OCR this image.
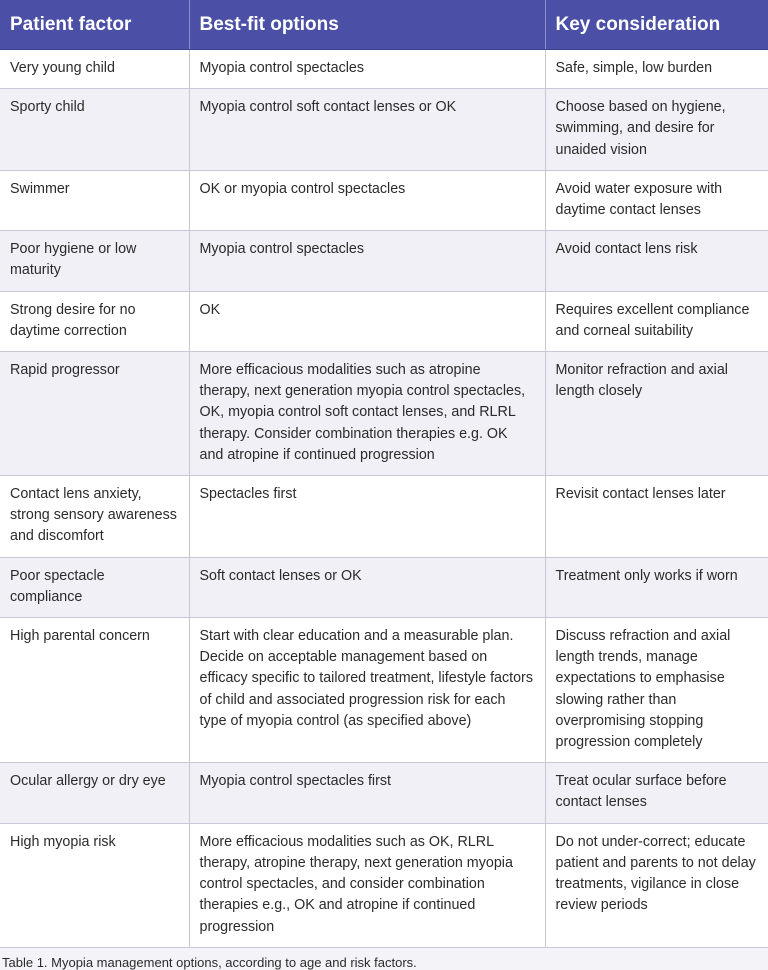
Patient factor	Best-fit options	Key consideration
Very young child	Myopia control spectacles	Safe, simple, low burden
Sporty child	Myopia control soft contact lenses or OK	Choose based on hygiene, swimming, and desire for unaided vision
Swimmer	OK or myopia control spectacles	Avoid water exposure with daytime contact lenses
Poor hygiene or low maturity	Myopia control spectacles	Avoid contact lens risk
Strong desire for no daytime correction	OK	Requires excellent compliance and corneal suitability
Rapid progressor	More efficacious modalities such as atropine therapy, next generation myopia control spectacles, OK, myopia control soft contact lenses, and RLRL therapy. Consider combination therapies e.g. OK and atropine if continued progression	Monitor refraction and axial length closely
Contact lens anxiety, strong sensory awareness and discomfort	Spectacles first	Revisit contact lenses later
Poor spectacle compliance	Soft contact lenses or OK	Treatment only works if worn
High parental concern	Start with clear education and a measurable plan. Decide on acceptable management based on efficacy specific to tailored treatment, lifestyle factors of child and associated progression risk for each type of myopia control (as specified above)	Discuss refraction and axial length trends, manage expectations to emphasise slowing rather than overpromising stopping progression completely
Ocular allergy or dry eye	Myopia control spectacles first	Treat ocular surface before contact lenses
High myopia risk	More efficacious modalities such as OK, RLRL therapy, atropine therapy, next generation myopia control spectacles, and consider combination therapies e.g., OK and atropine if continued progression	Do not under-correct; educate patient and parents to not delay treatments, vigilance in close review periods
Table 1. Myopia management options, according to age and risk factors.
